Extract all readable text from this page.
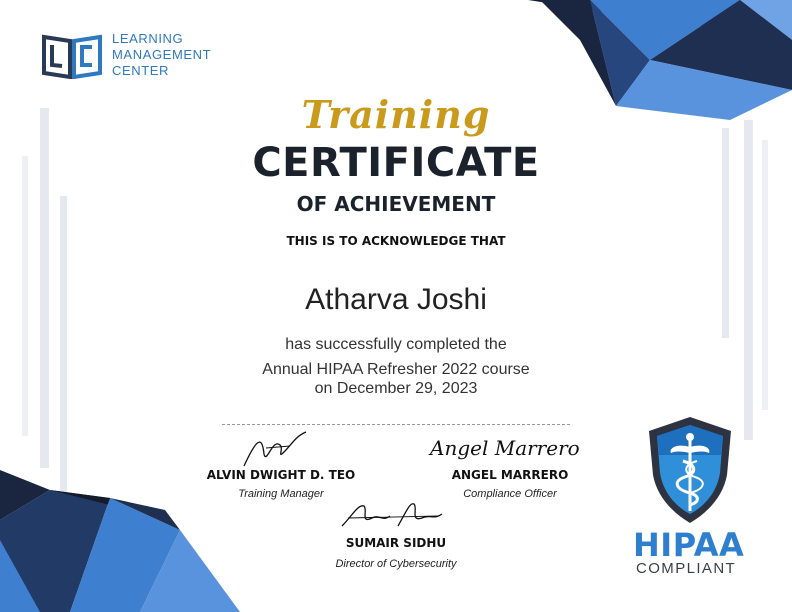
LEARNING
MANAGEMENT
CENTER
Training
CERTIFICATE
OF ACHIEVEMENT
THIS IS TO ACKNOWLEDGE THAT
Atharva Joshi
has successfully completed the
Annual HIPAA Refresher 2022 course
on December 29, 2023
ALVIN DWIGHT D. TEO
Training Manager
Angel Marrero
ANGEL MARRERO
Compliance Officer
SUMAIR SIDHU
Director of Cybersecurity	HIPAA
COMPLIANT
